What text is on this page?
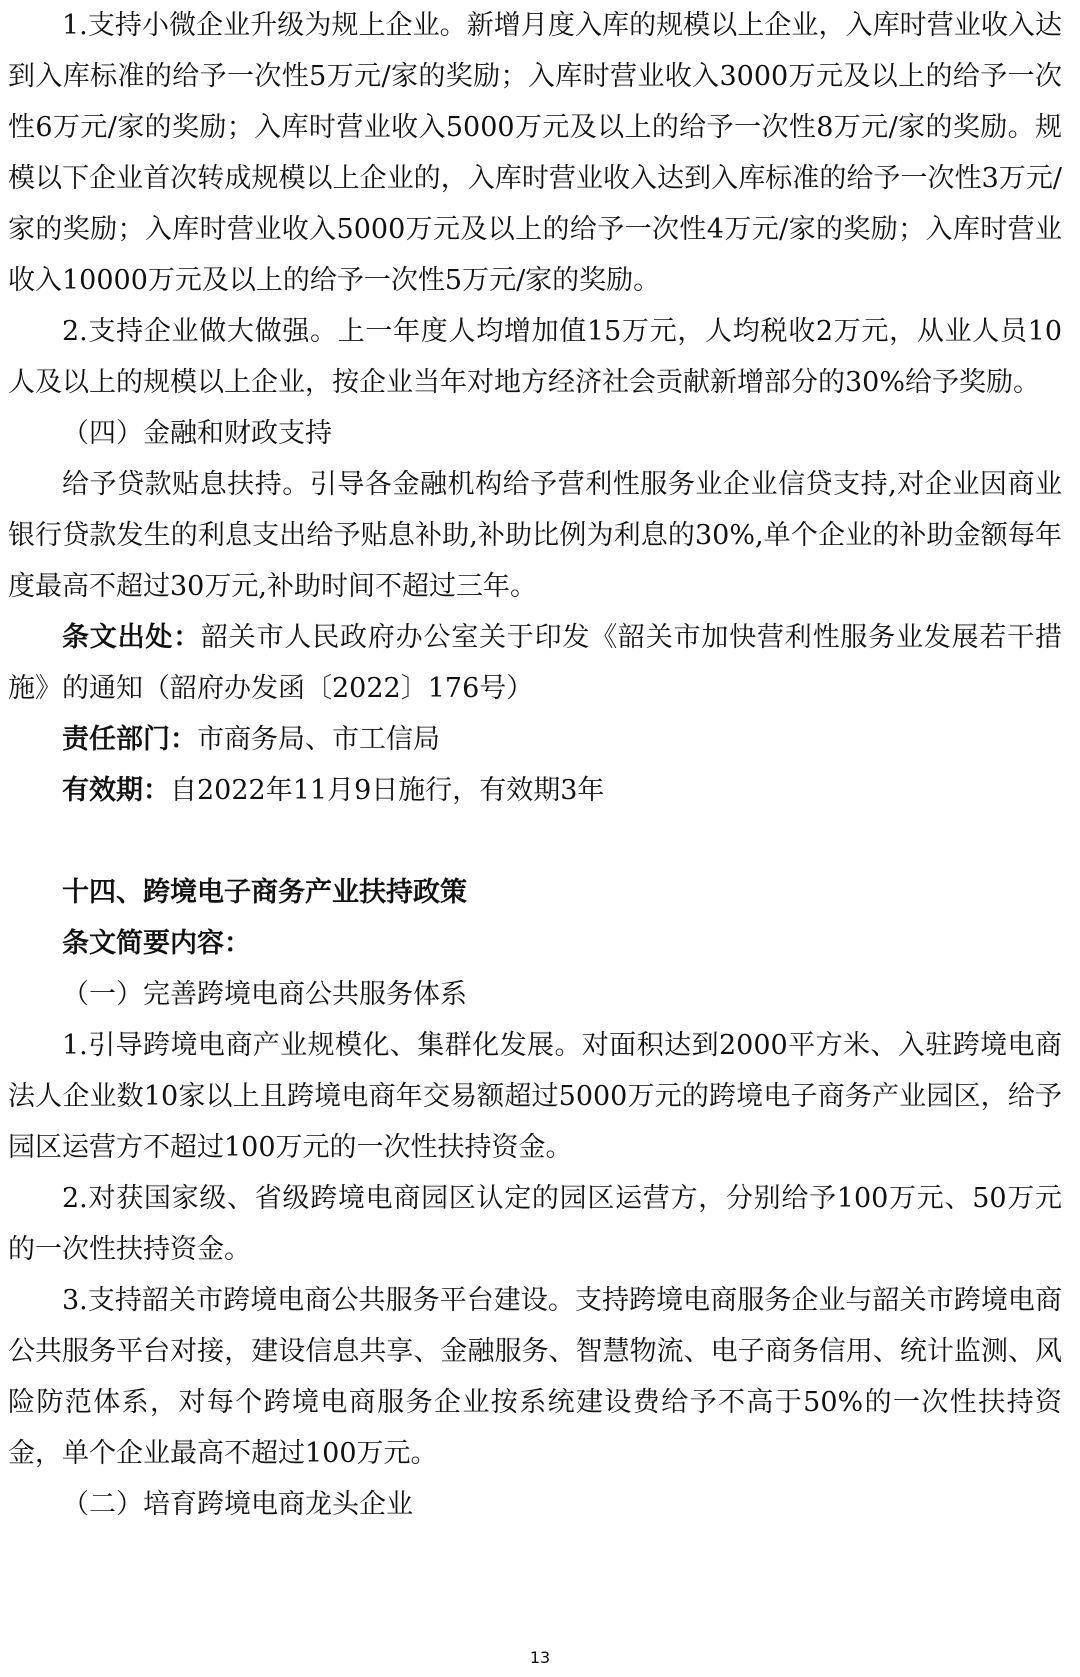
1.支持小微企业升级为规上企业。新增月度入库的规模以上企业，入库时营业收入达到入库标准的给予一次性5万元/家的奖励；入库时营业收入3000万元及以上的给予一次性6万元/家的奖励；入库时营业收入5000万元及以上的给予一次性8万元/家的奖励。规模以下企业首次转成规模以上企业的，入库时营业收入达到入库标准的给予一次性3万元/家的奖励；入库时营业收入5000万元及以上的给予一次性4万元/家的奖励；入库时营业收入10000万元及以上的给予一次性5万元/家的奖励。

2.支持企业做大做强。上一年度人均增加值15万元，人均税收2万元，从业人员10人及以上的规模以上企业，按企业当年对地方经济社会贡献新增部分的30%给予奖励。

（四）金融和财政支持

给予贷款贴息扶持。引导各金融机构给予营利性服务业企业信贷支持,对企业因商业银行贷款发生的利息支出给予贴息补助,补助比例为利息的30%,单个企业的补助金额每年度最高不超过30万元,补助时间不超过三年。

条文出处：韶关市人民政府办公室关于印发《韶关市加快营利性服务业发展若干措施》的通知（韶府办发函〔2022〕176号）

责任部门：市商务局、市工信局

有效期：自2022年11月9日施行，有效期3年

十四、跨境电子商务产业扶持政策

条文简要内容：

（一）完善跨境电商公共服务体系

1.引导跨境电商产业规模化、集群化发展。对面积达到2000平方米、入驻跨境电商法人企业数10家以上且跨境电商年交易额超过5000万元的跨境电子商务产业园区，给予园区运营方不超过100万元的一次性扶持资金。

2.对获国家级、省级跨境电商园区认定的园区运营方，分别给予100万元、50万元的一次性扶持资金。

3.支持韶关市跨境电商公共服务平台建设。支持跨境电商服务企业与韶关市跨境电商公共服务平台对接，建设信息共享、金融服务、智慧物流、电子商务信用、统计监测、风险防范体系，对每个跨境电商服务企业按系统建设费给予不高于50%的一次性扶持资金，单个企业最高不超过100万元。

（二）培育跨境电商龙头企业

13
